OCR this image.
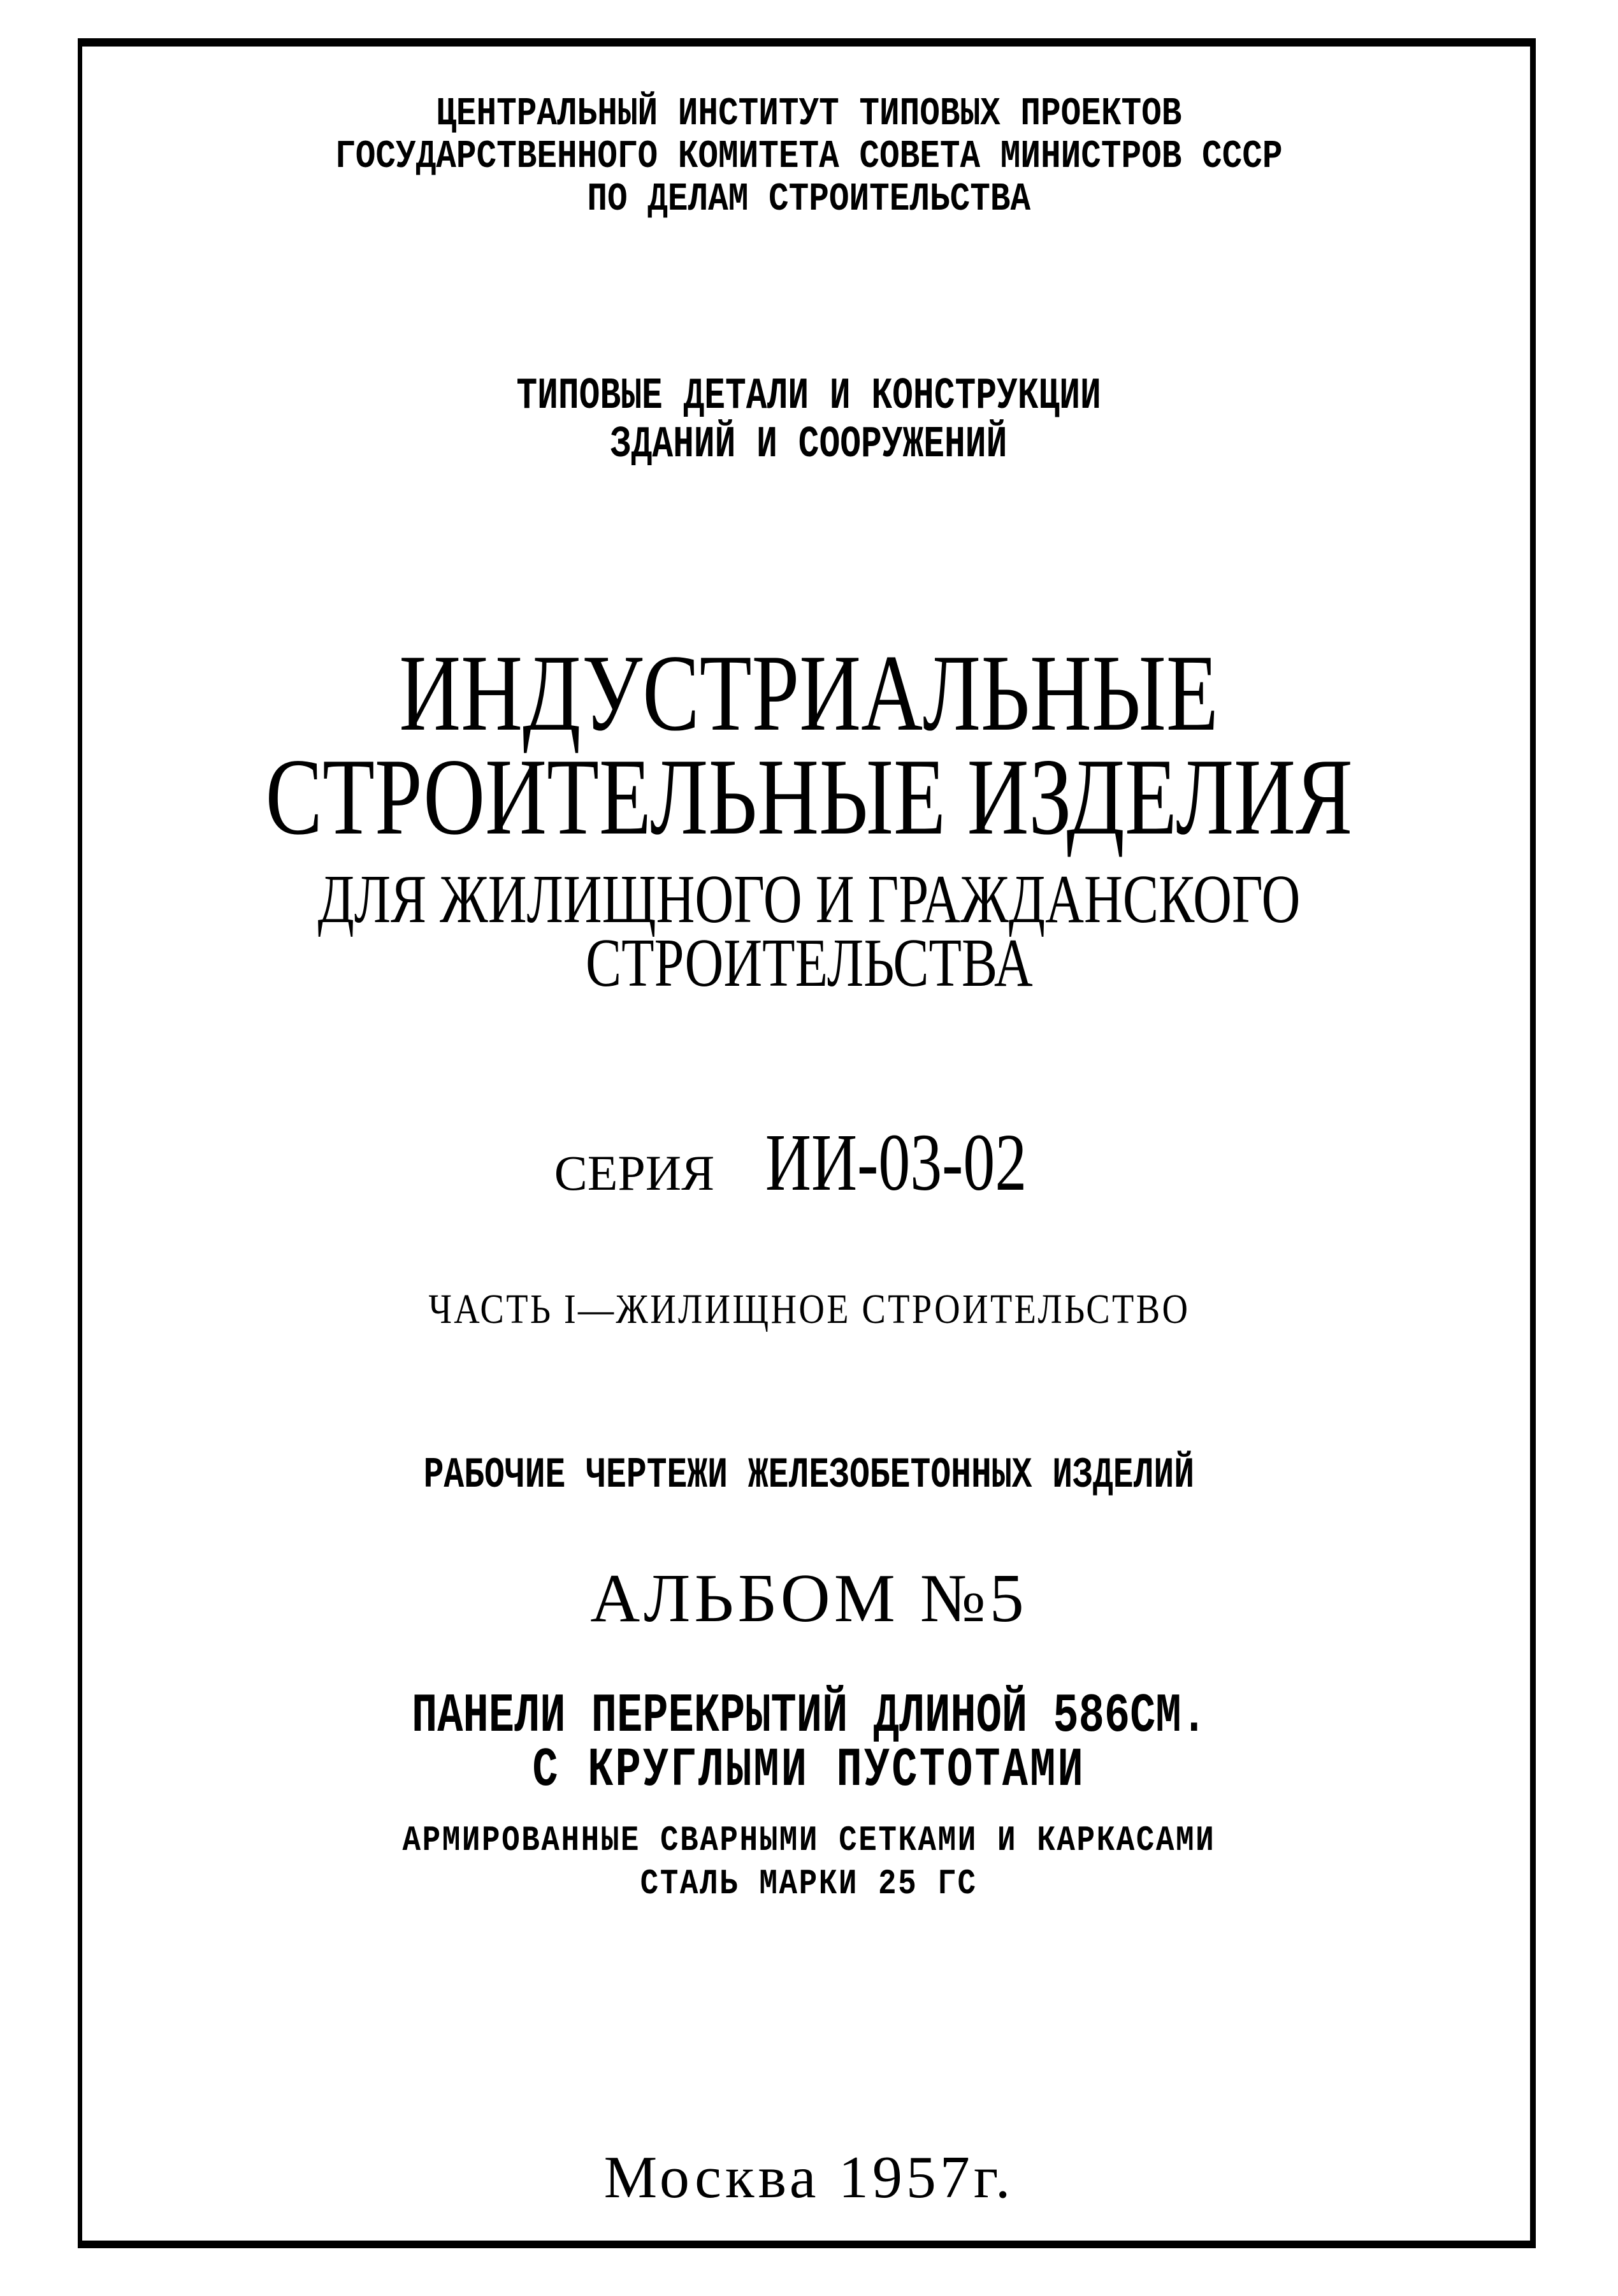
ЦЕНТРАЛЬНЫЙ ИНСТИТУТ ТИПОВЫХ ПРОЕКТОВ

ГОСУДАРСТВЕННОГО КОМИТЕТА СОВЕТА МИНИСТРОВ СССР

ПО ДЕЛАМ СТРОИТЕЛЬСТВА

ТИПОВЫЕ ДЕТАЛИ И КОНСТРУКЦИИ

ЗДАНИЙ И СООРУЖЕНИЙ

ИНДУСТРИАЛЬНЫЕ
СТРОИТЕЛЬНЫЕ ИЗДЕЛИЯ
ДЛЯ ЖИЛИЩНОГО И ГРАЖДАНСКОГО
СТРОИТЕЛЬСТВА

СЕРИЯ ИИ-03-02

ЧАСТЬ I—ЖИЛИЩНОЕ СТРОИТЕЛЬСТВО

РАБОЧИЕ ЧЕРТЕЖИ ЖЕЛЕЗОБЕТОННЫХ ИЗДЕЛИЙ

АЛЬБОМ №5

ПАНЕЛИ ПЕРЕКРЫТИЙ ДЛИНОЙ 586СМ.

С КРУГЛЫМИ ПУСТОТАМИ

АРМИРОВАННЫЕ СВАРНЫМИ СЕТКАМИ И КАРКАСАМИ

СТАЛЬ МАРКИ 25 ГС

Москва 1957г.
